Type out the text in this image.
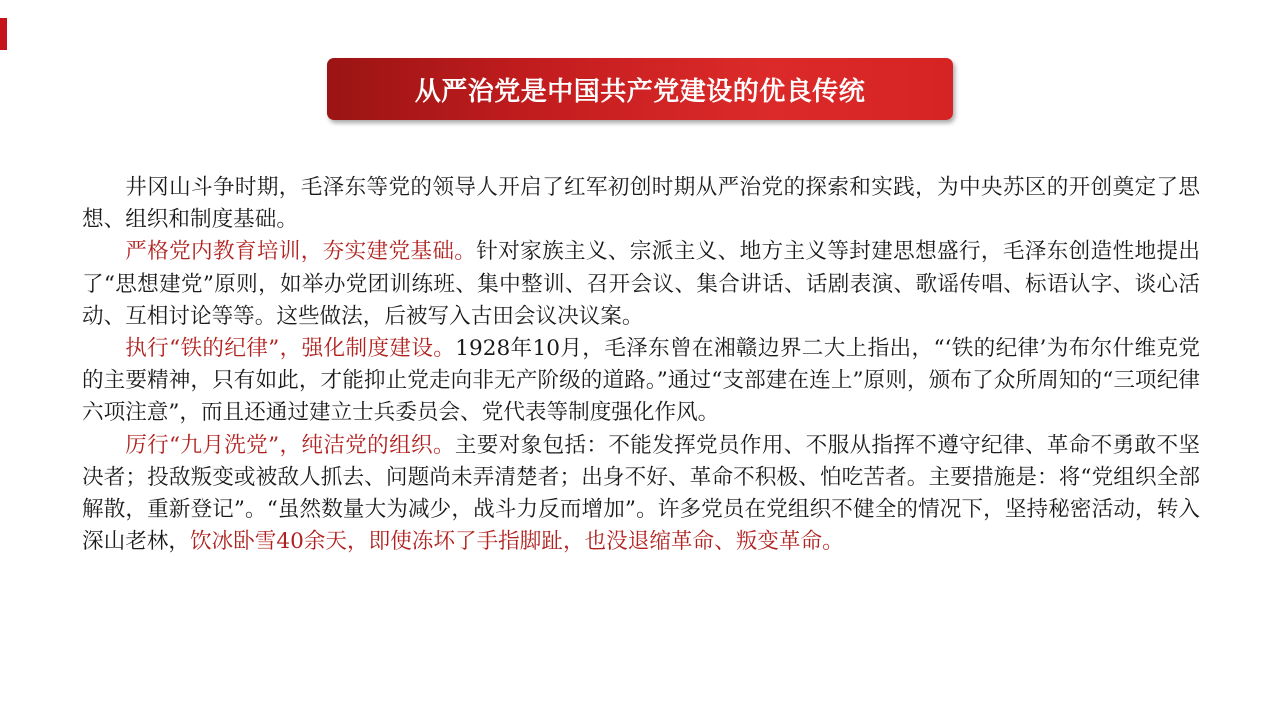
从严治党是中国共产党建设的优良传统

井冈山斗争时期，毛泽东等党的领导人开启了红军初创时期从严治党的探索和实践，为中央苏区的开创奠定了思想、组织和制度基础。

严格党内教育培训，夯实建党基础。针对家族主义、宗派主义、地方主义等封建思想盛行，毛泽东创造性地提出了“思想建党”原则，如举办党团训练班、集中整训、召开会议、集合讲话、话剧表演、歌谣传唱、标语认字、谈心活动、互相讨论等等。这些做法，后被写入古田会议决议案。

执行“铁的纪律”，强化制度建设。1928年10月，毛泽东曾在湘赣边界二大上指出，“‘铁的纪律’为布尔什维克党的主要精神，只有如此，才能抑止党走向非无产阶级的道路。”通过“支部建在连上”原则，颁布了众所周知的“三项纪律六项注意”，而且还通过建立士兵委员会、党代表等制度强化作风。

厉行“九月洗党”，纯洁党的组织。主要对象包括：不能发挥党员作用、不服从指挥不遵守纪律、革命不勇敢不坚决者；投敌叛变或被敌人抓去、问题尚未弄清楚者；出身不好、革命不积极、怕吃苦者。主要措施是：将“党组织全部解散，重新登记”。“虽然数量大为减少，战斗力反而增加”。许多党员在党组织不健全的情况下，坚持秘密活动，转入深山老林，饮冰卧雪40余天，即使冻坏了手指脚趾，也没退缩革命、叛变革命。
